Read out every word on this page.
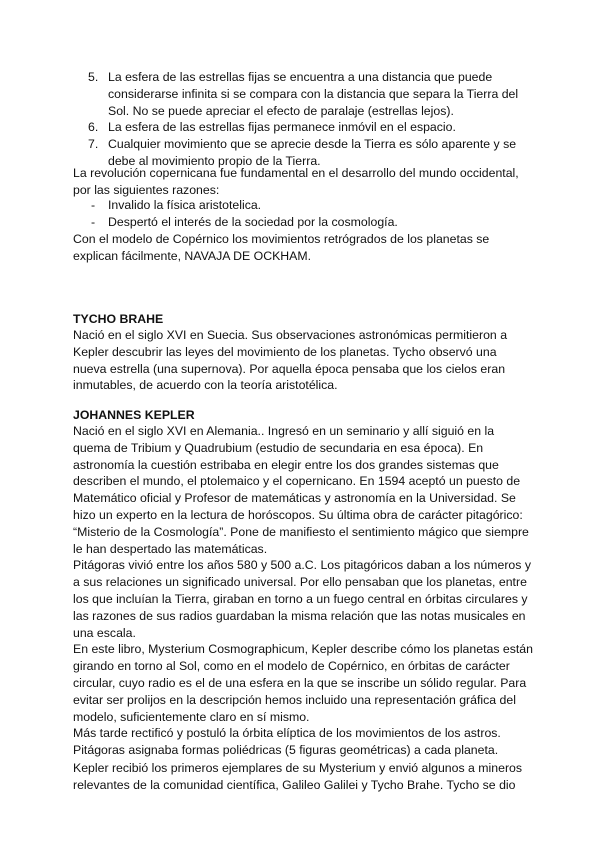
5. La esfera de las estrellas fijas se encuentra a una distancia que puede considerarse infinita si se compara con la distancia que separa la Tierra del Sol. No se puede apreciar el efecto de paralaje (estrellas lejos).
6. La esfera de las estrellas fijas permanece inmóvil en el espacio.
7. Cualquier movimiento que se aprecie desde la Tierra es sólo aparente y se debe al movimiento propio de la Tierra.

La revolución copernicana fue fundamental en el desarrollo del mundo occidental, por las siguientes razones:

- Invalido la física aristotelica.
- Despertó el interés de la sociedad por la cosmología.

Con el modelo de Copérnico los movimientos retrógrados de los planetas se explican fácilmente, NAVAJA DE OCKHAM.

TYCHO BRAHE

Nació en el siglo XVI en Suecia. Sus observaciones astronómicas permitieron a Kepler descubrir las leyes del movimiento de los planetas. Tycho observó una nueva estrella (una supernova). Por aquella época pensaba que los cielos eran inmutables, de acuerdo con la teoría aristotélica.

JOHANNES KEPLER

Nació en el siglo XVI en Alemania.. Ingresó en un seminario y allí siguió en la quema de Tribium y Quadrubium (estudio de secundaria en esa época). En astronomía la cuestión estribaba en elegir entre los dos grandes sistemas que describen el mundo, el ptolemaico y el copernicano. En 1594 aceptó un puesto de Matemático oficial y Profesor de matemáticas y astronomía en la Universidad. Se hizo un experto en la lectura de horóscopos. Su última obra de carácter pitagórico: “Misterio de la Cosmología”. Pone de manifiesto el sentimiento mágico que siempre le han despertado las matemáticas.

Pitágoras vivió entre los años 580 y 500 a.C. Los pitagóricos daban a los números y a sus relaciones un significado universal. Por ello pensaban que los planetas, entre los que incluían la Tierra, giraban en torno a un fuego central en órbitas circulares y las razones de sus radios guardaban la misma relación que las notas musicales en una escala.

En este libro, Mysterium Cosmographicum, Kepler describe cómo los planetas están girando en torno al Sol, como en el modelo de Copérnico, en órbitas de carácter circular, cuyo radio es el de una esfera en la que se inscribe un sólido regular. Para evitar ser prolijos en la descripción hemos incluido una representación gráfica del modelo, suficientemente claro en sí mismo.

Más tarde rectificó y postuló la órbita elíptica de los movimientos de los astros.

Pitágoras asignaba formas poliédricas (5 figuras geométricas) a cada planeta.

Kepler recibió los primeros ejemplares de su Mysterium y envió algunos a mineros relevantes de la comunidad científica, Galileo Galilei y Tycho Brahe. Tycho se dio
